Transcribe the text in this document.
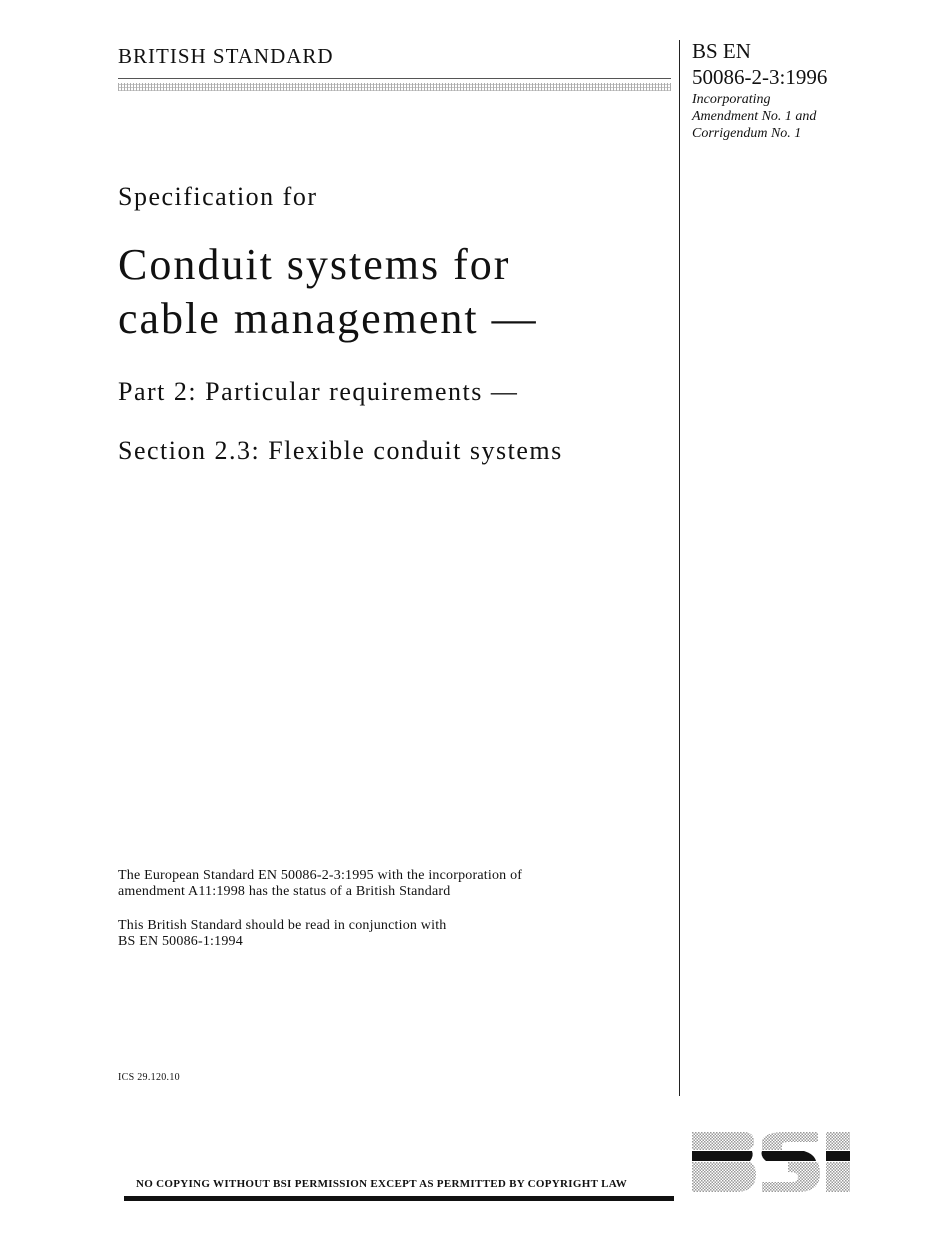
BRITISH STANDARD	BS EN
50086-2-3:1996
Incorporating
Amendment No. 1 and
Corrigendum No. 1
Specification for
Conduit systems for
cable management —
Part 2: Particular requirements —
Section 2.3: Flexible conduit systems
The European Standard EN 50086-2-3:1995 with the incorporation of
amendment A11:1998 has the status of a British Standard
This British Standard should be read in conjunction with
BS EN 50086-1:1994
ICS 29.120.10
NO COPYING WITHOUT BSI PERMISSION EXCEPT AS PERMITTED BY COPYRIGHT LAW
